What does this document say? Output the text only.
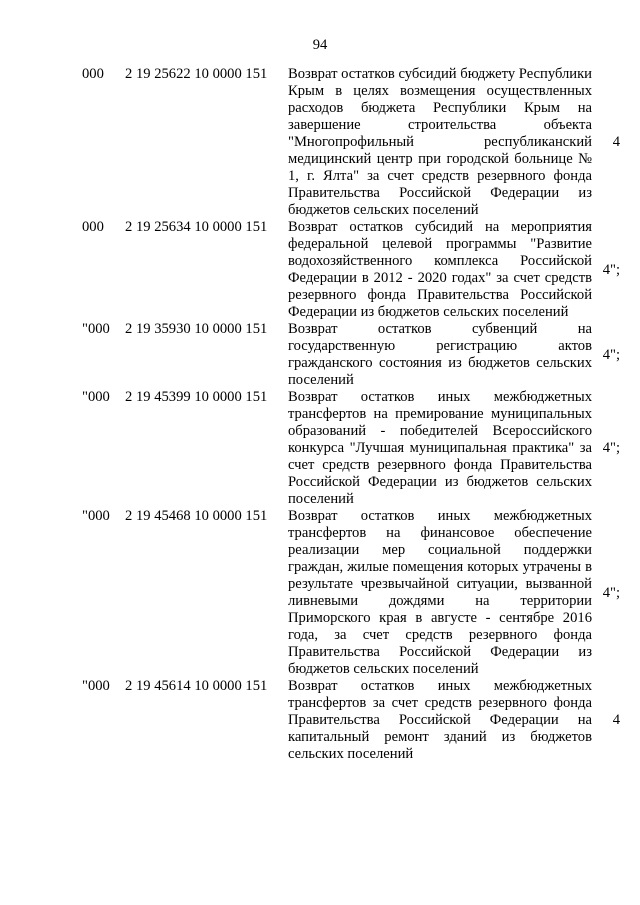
94
000	2 19 25622 10 0000 151	Возврат остатков субсидий бюджету Республики Крым в целях возмещения осуществленных расходов бюджета Республики Крым на завершение строительства объекта "Многопрофильный республиканский медицинский центр при городской больнице № 1, г. Ялта" за счет средств резервного фонда Правительства Российской Федерации из бюджетов сельских поселений	4
000	2 19 25634 10 0000 151	Возврат остатков субсидий на мероприятия федеральной целевой программы "Развитие водохозяйственного комплекса Российской Федерации в 2012 - 2020 годах" за счет средств резервного фонда Правительства Российской Федерации из бюджетов сельских поселений	4";
"000	2 19 35930 10 0000 151	Возврат остатков субвенций на государственную регистрацию актов гражданского состояния из бюджетов сельских поселений	4";
"000	2 19 45399 10 0000 151	Возврат остатков иных межбюджетных трансфертов на премирование муниципальных образований - победителей Всероссийского конкурса "Лучшая муниципальная практика" за счет средств резервного фонда Правительства Российской Федерации из бюджетов сельских поселений	4";
"000	2 19 45468 10 0000 151	Возврат остатков иных межбюджетных трансфертов на финансовое обеспечение реализации мер социальной поддержки граждан, жилые помещения которых утрачены в результате чрезвычайной ситуации, вызванной ливневыми дождями на территории Приморского края в августе - сентябре 2016 года, за счет средств резервного фонда Правительства Российской Федерации из бюджетов сельских поселений	4";
"000	2 19 45614 10 0000 151	Возврат остатков иных межбюджетных трансфертов за счет средств резервного фонда Правительства Российской Федерации на капитальный ремонт зданий из бюджетов сельских поселений	4
